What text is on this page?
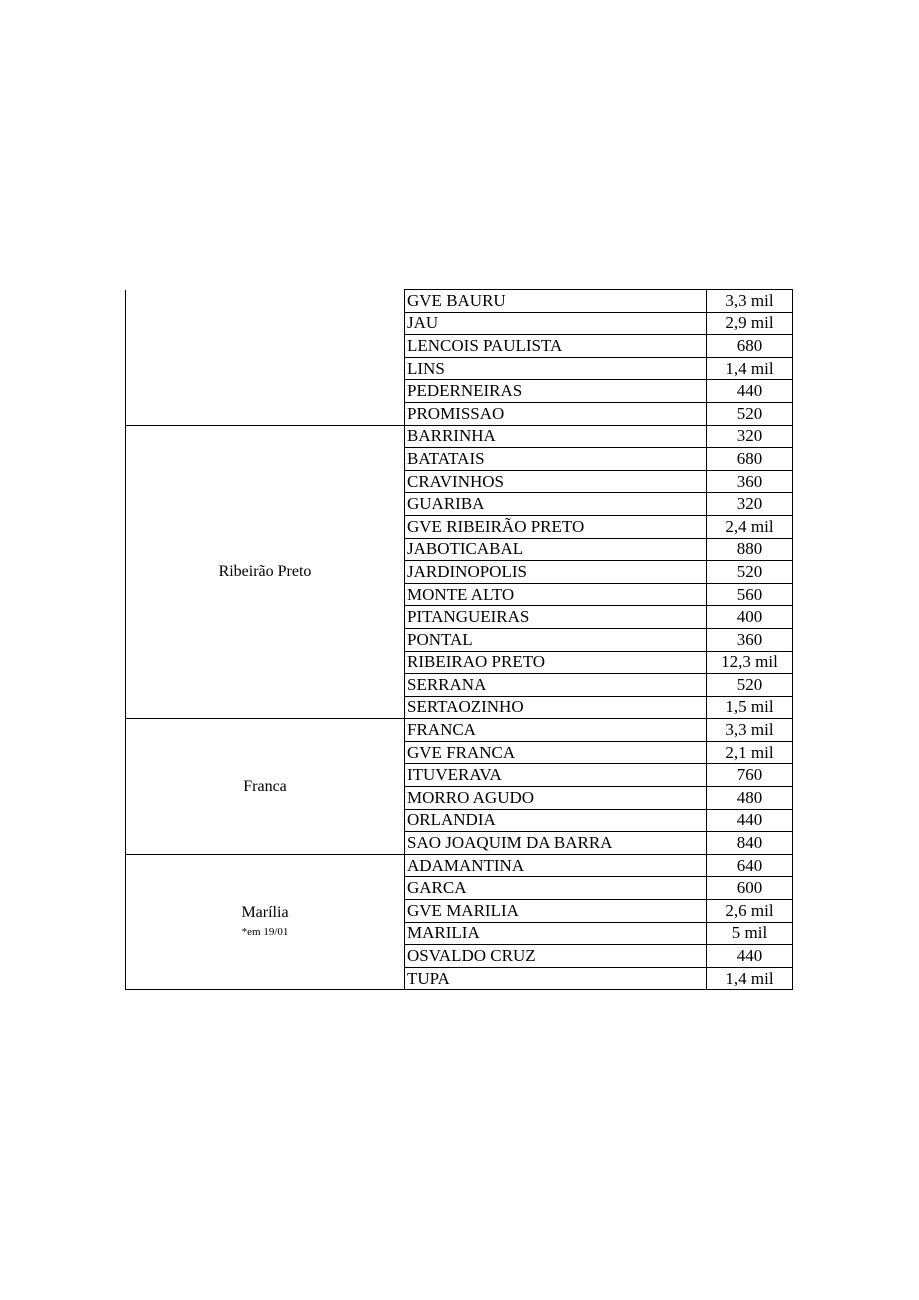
	GVE BAURU	3,3 mil
	JAU	2,9 mil
	LENCOIS PAULISTA	680
	LINS	1,4 mil
	PEDERNEIRAS	440
	PROMISSAO	520

Ribeirão Preto	BARRINHA	320
	BATATAIS	680
	CRAVINHOS	360
	GUARIBA	320
	GVE RIBEIRÃO PRETO	2,4 mil
	JABOTICABAL	880
	JARDINOPOLIS	520
	MONTE ALTO	560
	PITANGUEIRAS	400
	PONTAL	360
	RIBEIRAO PRETO	12,3 mil
	SERRANA	520
	SERTAOZINHO	1,5 mil

Franca	FRANCA	3,3 mil
	GVE FRANCA	2,1 mil
	ITUVERAVA	760
	MORRO AGUDO	480
	ORLANDIA	440
	SAO JOAQUIM DA BARRA	840

Marília
*em 19/01	ADAMANTINA	640
	GARCA	600
	GVE MARILIA	2,6 mil
	MARILIA	5 mil
	OSVALDO CRUZ	440
	TUPA	1,4 mil
